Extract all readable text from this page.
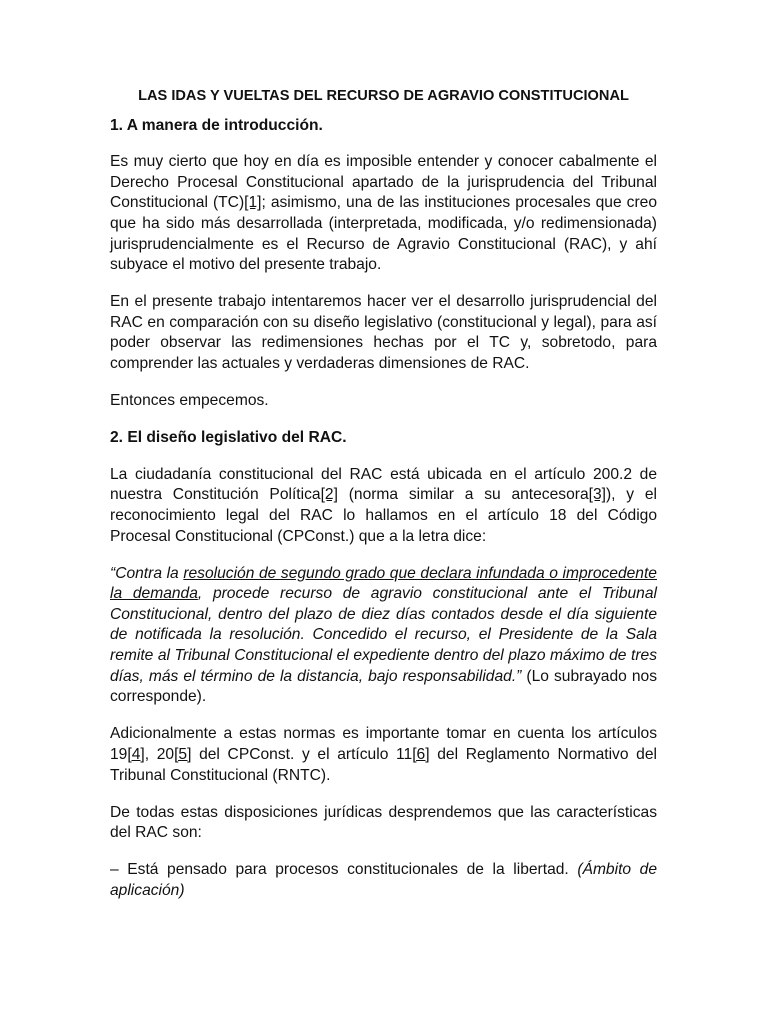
LAS IDAS Y VUELTAS DEL RECURSO DE AGRAVIO CONSTITUCIONAL
1. A manera de introducción.

Es muy cierto que hoy en día es imposible entender y conocer cabalmente el Derecho Procesal Constitucional apartado de la jurisprudencia del Tribunal Constitucional (TC)[1]; asimismo, una de las instituciones procesales que creo que ha sido más desarrollada (interpretada, modificada, y/o redimensionada) jurisprudencialmente es el Recurso de Agravio Constitucional (RAC), y ahí subyace el motivo del presente trabajo.

En el presente trabajo intentaremos hacer ver el desarrollo jurisprudencial del RAC en comparación con su diseño legislativo (constitucional y legal), para así poder observar las redimensiones hechas por el TC y, sobretodo, para comprender las actuales y verdaderas dimensiones de RAC.

Entonces empecemos.

2. El diseño legislativo del RAC.

La ciudadanía constitucional del RAC está ubicada en el artículo 200.2 de nuestra Constitución Política[2] (norma similar a su antecesora[3]), y el reconocimiento legal del RAC lo hallamos en el artículo 18 del Código Procesal Constitucional (CPConst.) que a la letra dice:

“Contra la resolución de segundo grado que declara infundada o improcedente la demanda, procede recurso de agravio constitucional ante el Tribunal Constitucional, dentro del plazo de diez días contados desde el día siguiente de notificada la resolución. Concedido el recurso, el Presidente de la Sala remite al Tribunal Constitucional el expediente dentro del plazo máximo de tres días, más el término de la distancia, bajo responsabilidad.” (Lo subrayado nos corresponde).

Adicionalmente a estas normas es importante tomar en cuenta los artículos 19[4], 20[5] del CPConst. y el artículo 11[6] del Reglamento Normativo del Tribunal Constitucional (RNTC).

De todas estas disposiciones jurídicas desprendemos que las características del RAC son:

– Está pensado para procesos constitucionales de la libertad. (Ámbito de aplicación)
